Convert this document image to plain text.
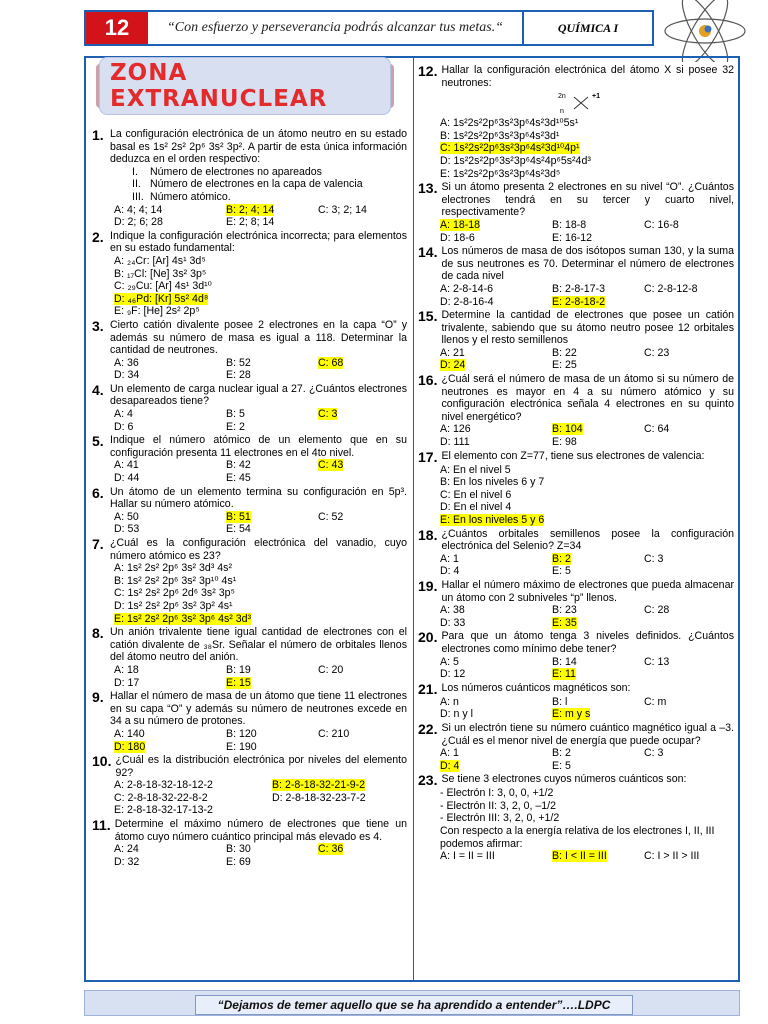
12	“Con esfuerzo y perseverancia podrás alcanzar tus metas.“	QUÍMICA I
ZONA EXTRANUCLEAR
1. La configuración electrónica de un átomo neutro en su estado basal es 1s² 2s² 2p⁶ 3s² 3p². A partir de esta única información deduzca en el orden respectivo:
I. Número de electrones no apareados
II. Número de electrones en la capa de valencia
III. Número atómico.
A: 4; 4; 14	B: 2; 4; 14	C: 3; 2; 14
D: 2; 6; 28	E: 2; 8; 14
2. Indique la configuración electrónica incorrecta; para elementos en su estado fundamental:
A: ₂₄Cr: [Ar] 4s¹ 3d⁵
B: ₁₇Cl: [Ne] 3s² 3p⁵
C: ₂₉Cu: [Ar] 4s¹ 3d¹⁰
D: ₄₆Pd: [Kr] 5s² 4d⁸
E: ₉F: [He] 2s² 2p⁵
3. Cierto catión divalente posee 2 electrones en la capa “O” y además su número de masa es igual a 118. Determinar la cantidad de neutrones.
A: 36	B: 52	C: 68
D: 34	E: 28
4. Un elemento de carga nuclear igual a 27. ¿Cuántos electrones desapareados tiene?
A: 4	B: 5	C: 3
D: 6	E: 2
5. Indique el número atómico de un elemento que en su configuración presenta 11 electrones en el 4to nivel.
A: 41	B: 42	C: 43
D: 44	E: 45
6. Un átomo de un elemento termina su configuración en 5p³. Hallar su número atómico.
A: 50	B: 51	C: 52
D: 53	E: 54
7. ¿Cuál es la configuración electrónica del vanadio, cuyo número atómico es 23?
A: 1s² 2s² 2p⁶ 3s² 3d³ 4s²
B: 1s² 2s² 2p⁶ 3s² 3p¹⁰ 4s¹
C: 1s² 2s² 2p⁶ 2d⁶ 3s² 3p⁵
D: 1s² 2s² 2p⁶ 3s² 3p² 4s¹
E: 1s² 2s² 2p⁶ 3s² 3p⁶ 4s² 3d³
8. Un anión trivalente tiene igual cantidad de electrones con el catión divalente de ₃₈Sr. Señalar el número de orbitales llenos del átomo neutro del anión.
A: 18	B: 19	C: 20
D: 17	E: 15
9. Hallar el número de masa de un átomo que tiene 11 electrones en su capa “O” y además su número de neutrones excede en 34 a su número de protones.
A: 140	B: 120	C: 210
D: 180	E: 190
10. ¿Cuál es la distribución electrónica por niveles del elemento 92?
A: 2-8-18-32-18-12-2	B: 2-8-18-32-21-9-2
C: 2-8-18-32-22-8-2	D: 2-8-18-32-23-7-2
E: 2-8-18-32-17-13-2
11. Determine el máximo número de electrones que tiene un átomo cuyo número cuántico principal más elevado es 4.
A: 24	B: 30	C: 36
D: 32	E: 69
12. Hallar la configuración electrónica del átomo X si posee 32 neutrones:
2n	+1
n
A: 1s²2s²2p⁶3s²3p⁶4s²3d¹⁰5s¹
B: 1s²2s²2p⁶3s²3p⁶4s²3d¹
C: 1s²2s²2p⁶3s²3p⁶4s²3d¹⁰4p¹
D: 1s²2s²2p⁶3s²3p⁶4s²4p⁶5s²4d³
E: 1s²2s²2p⁶3s²3p⁶4s²3d⁵
13. Si un átomo presenta 2 electrones en su nivel “O”. ¿Cuántos electrones tendrá en su tercer y cuarto nivel, respectivamente?
A: 18-18	B: 18-8	C: 16-8
D: 18-6	E: 16-12
14. Los números de masa de dos isótopos suman 130, y la suma de sus neutrones es 70. Determinar el número de electrones de cada nivel
A: 2-8-14-6	B: 2-8-17-3	C: 2-8-12-8
D: 2-8-16-4	E: 2-8-18-2
15. Determine la cantidad de electrones que posee un catión trivalente, sabiendo que su átomo neutro posee 12 orbitales llenos y el resto semillenos
A: 21	B: 22	C: 23
D: 24	E: 25
16. ¿Cuál será el número de masa de un átomo si su número de neutrones es mayor en 4 a su número atómico y su configuración electrónica señala 4 electrones en su quinto nivel energético?
A: 126	B: 104	C: 64
D: 111	E: 98
17. El elemento con Z=77, tiene sus electrones de valencia:
A: En el nivel 5
B: En los niveles 6 y 7
C: En el nivel 6
D: En el nivel 4
E: En los niveles 5 y 6
18. ¿Cuántos orbitales semillenos posee la configuración electrónica del Selenio? Z=34
A: 1	B: 2	C: 3
D: 4	E: 5
19. Hallar el número máximo de electrones que pueda almacenar un átomo con 2 subniveles “p” llenos.
A: 38	B: 23	C: 28
D: 33	E: 35
20. Para que un átomo tenga 3 niveles definidos. ¿Cuántos electrones como mínimo debe tener?
A: 5	B: 14	C: 13
D: 12	E: 11
21. Los números cuánticos magnéticos son:
A: n	B: l	C: m
D: n y l	E: m y s
22. Si un electrón tiene su número cuántico magnético igual a –3. ¿Cuál es el menor nivel de energía que puede ocupar?
A: 1	B: 2	C: 3
D: 4	E: 5
23. Se tiene 3 electrones cuyos números cuánticos son:
- Electrón I: 3, 0, 0, +1/2
- Electrón II: 3, 2, 0, –1/2
- Electrón III: 3, 2, 0, +1/2
Con respecto a la energía relativa de los electrones I, II, III podemos afirmar:
A: I = II = III	B: I < II = III	C: I > II > III
“Dejamos de temer aquello que se ha aprendido a entender”….LDPC
